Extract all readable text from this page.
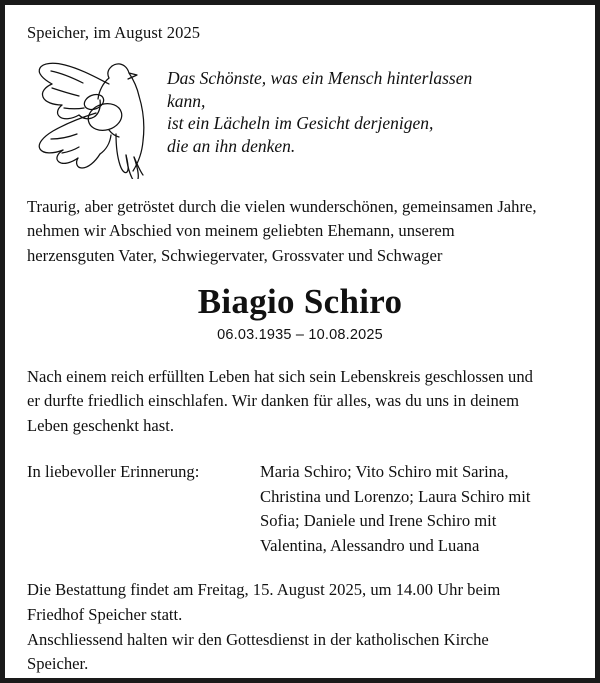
Speicher, im August 2025
Das Schönste, was ein Mensch hinterlassen
kann,
ist ein Lächeln im Gesicht derjenigen,
die an ihn denken.
Traurig, aber getröstet durch die vielen wunderschönen, gemeinsamen Jahre,
nehmen wir Abschied von meinem geliebten Ehemann, unserem
herzensguten Vater, Schwiegervater, Grossvater und Schwager
Biagio Schiro
06.03.1935 – 10.08.2025
Nach einem reich erfüllten Leben hat sich sein Lebenskreis geschlossen und
er durfte friedlich einschlafen. Wir danken für alles, was du uns in deinem
Leben geschenkt hast.
In liebevoller Erinnerung:	Maria Schiro; Vito Schiro mit Sarina,
Christina und Lorenzo; Laura Schiro mit
Sofia; Daniele und Irene Schiro mit
Valentina, Alessandro und Luana
Die Bestattung findet am Freitag, 15. August 2025, um 14.00 Uhr beim
Friedhof Speicher statt.
Anschliessend halten wir den Gottesdienst in der katholischen Kirche
Speicher.
